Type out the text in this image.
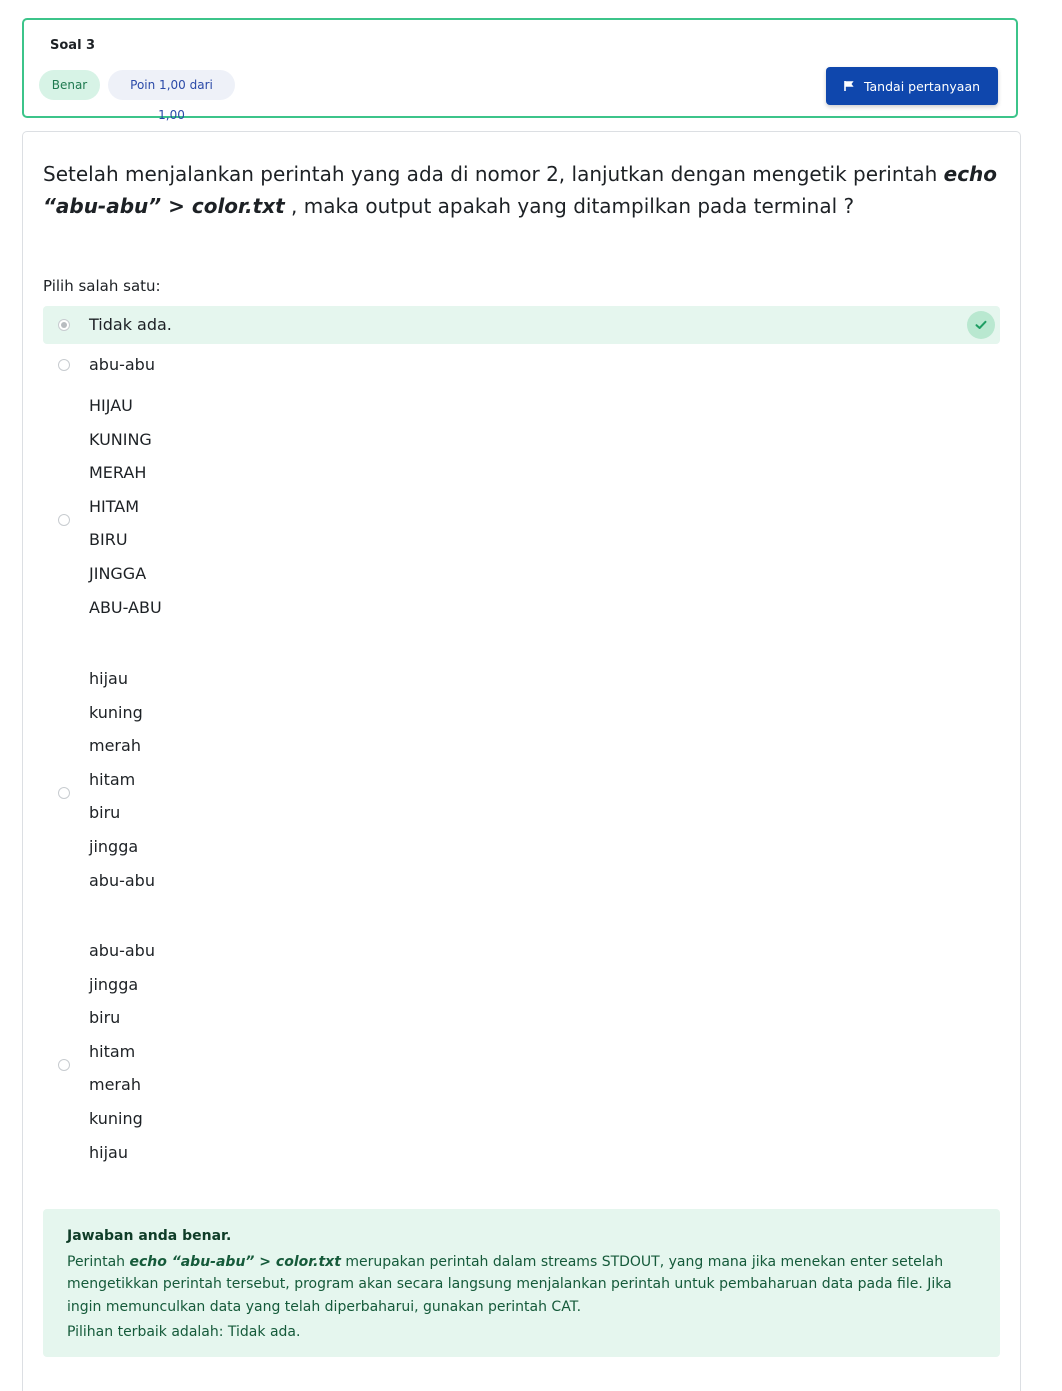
Soal 3
Benar	Poin 1,00 dari 1,00
Tandai pertanyaan
Setelah menjalankan perintah yang ada di nomor 2, lanjutkan dengan mengetik perintah echo “abu-abu” > color.txt , maka output apakah yang ditampilkan pada terminal ?
Pilih salah satu:
Tidak ada.
abu-abu
HIJAU
KUNING
MERAH
HITAM
BIRU
JINGGA
ABU-ABU
hijau
kuning
merah
hitam
biru
jingga
abu-abu
abu-abu
jingga
biru
hitam
merah
kuning
hijau
Jawaban anda benar.
Perintah echo “abu-abu” > color.txt merupakan perintah dalam streams STDOUT, yang mana jika menekan enter setelah mengetikkan perintah tersebut, program akan secara langsung menjalankan perintah untuk pembaharuan data pada file. Jika ingin memunculkan data yang telah diperbaharui, gunakan perintah CAT.
Pilihan terbaik adalah: Tidak ada.
